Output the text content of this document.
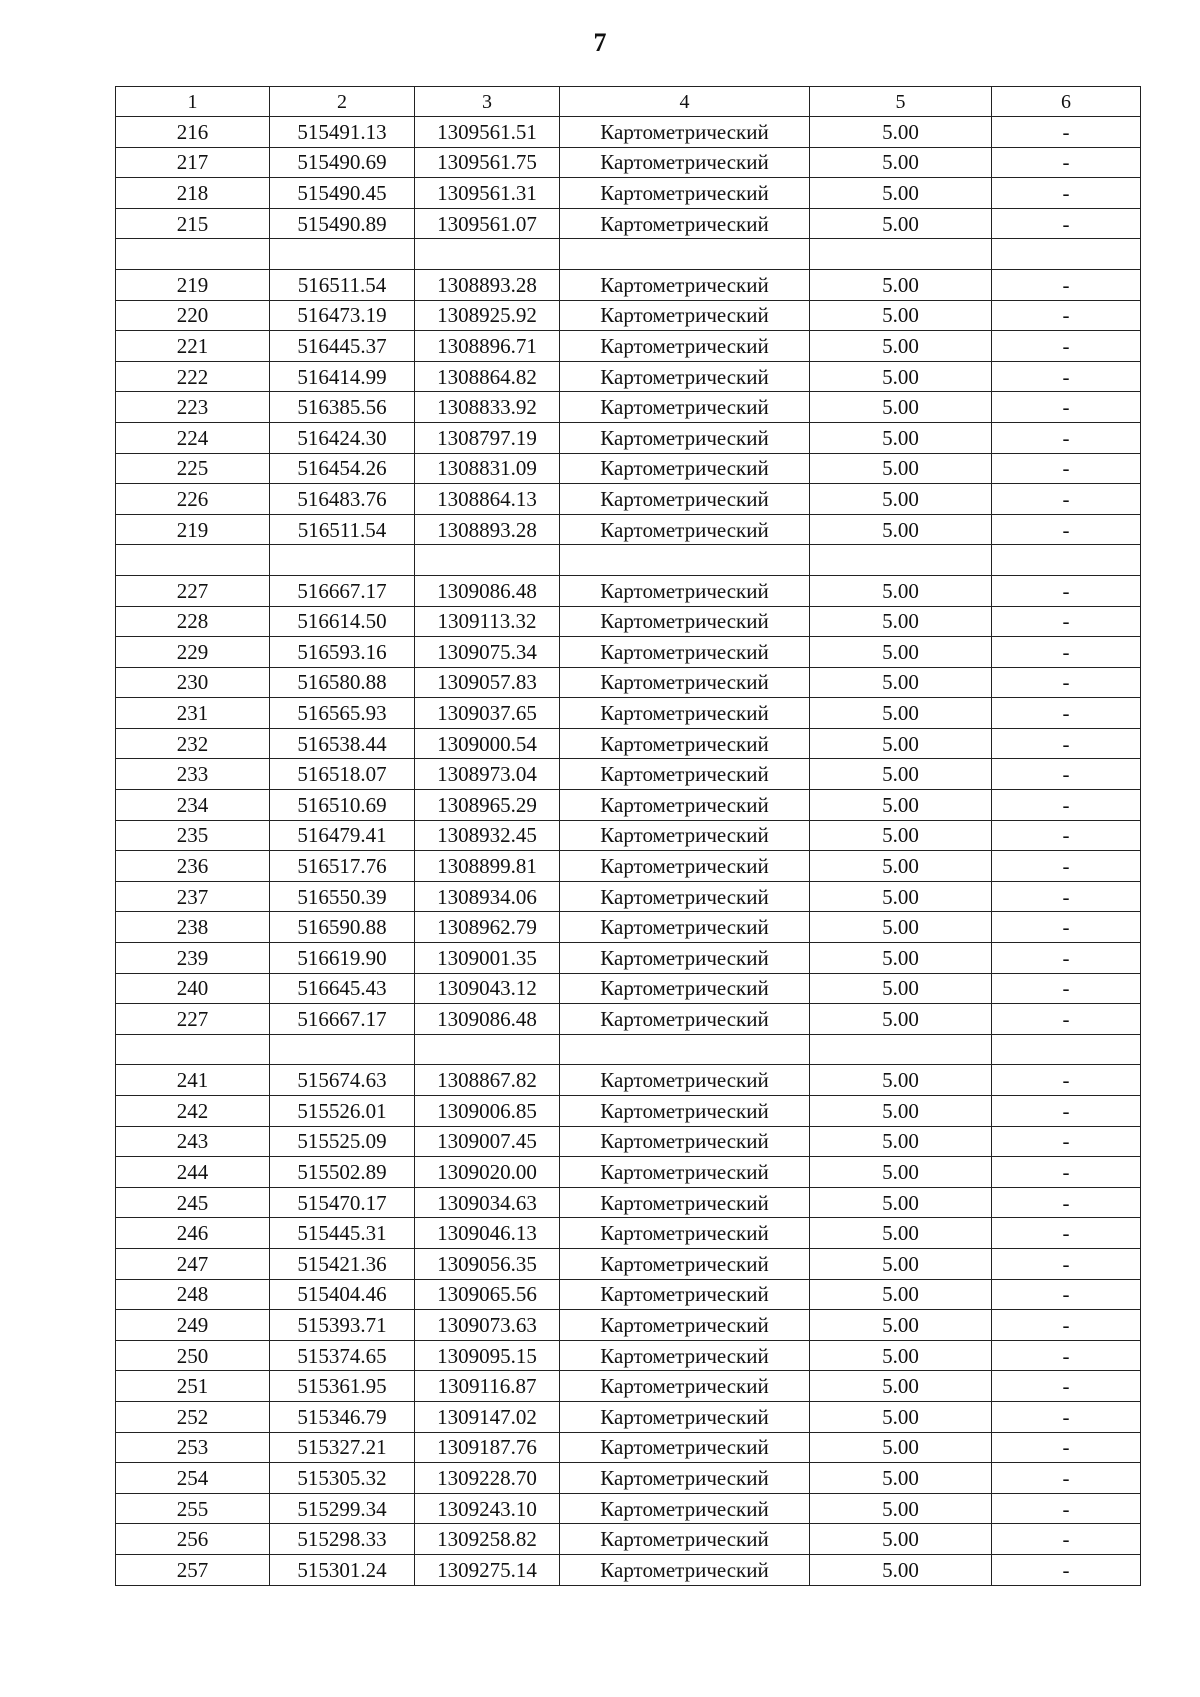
7
1	2	3	4	5	6
216	515491.13	1309561.51	Картометрический	5.00	-
217	515490.69	1309561.75	Картометрический	5.00	-
218	515490.45	1309561.31	Картометрический	5.00	-
215	515490.89	1309561.07	Картометрический	5.00	-

219	516511.54	1308893.28	Картометрический	5.00	-
220	516473.19	1308925.92	Картометрический	5.00	-
221	516445.37	1308896.71	Картометрический	5.00	-
222	516414.99	1308864.82	Картометрический	5.00	-
223	516385.56	1308833.92	Картометрический	5.00	-
224	516424.30	1308797.19	Картометрический	5.00	-
225	516454.26	1308831.09	Картометрический	5.00	-
226	516483.76	1308864.13	Картометрический	5.00	-
219	516511.54	1308893.28	Картометрический	5.00	-

227	516667.17	1309086.48	Картометрический	5.00	-
228	516614.50	1309113.32	Картометрический	5.00	-
229	516593.16	1309075.34	Картометрический	5.00	-
230	516580.88	1309057.83	Картометрический	5.00	-
231	516565.93	1309037.65	Картометрический	5.00	-
232	516538.44	1309000.54	Картометрический	5.00	-
233	516518.07	1308973.04	Картометрический	5.00	-
234	516510.69	1308965.29	Картометрический	5.00	-
235	516479.41	1308932.45	Картометрический	5.00	-
236	516517.76	1308899.81	Картометрический	5.00	-
237	516550.39	1308934.06	Картометрический	5.00	-
238	516590.88	1308962.79	Картометрический	5.00	-
239	516619.90	1309001.35	Картометрический	5.00	-
240	516645.43	1309043.12	Картометрический	5.00	-
227	516667.17	1309086.48	Картометрический	5.00	-

241	515674.63	1308867.82	Картометрический	5.00	-
242	515526.01	1309006.85	Картометрический	5.00	-
243	515525.09	1309007.45	Картометрический	5.00	-
244	515502.89	1309020.00	Картометрический	5.00	-
245	515470.17	1309034.63	Картометрический	5.00	-
246	515445.31	1309046.13	Картометрический	5.00	-
247	515421.36	1309056.35	Картометрический	5.00	-
248	515404.46	1309065.56	Картометрический	5.00	-
249	515393.71	1309073.63	Картометрический	5.00	-
250	515374.65	1309095.15	Картометрический	5.00	-
251	515361.95	1309116.87	Картометрический	5.00	-
252	515346.79	1309147.02	Картометрический	5.00	-
253	515327.21	1309187.76	Картометрический	5.00	-
254	515305.32	1309228.70	Картометрический	5.00	-
255	515299.34	1309243.10	Картометрический	5.00	-
256	515298.33	1309258.82	Картометрический	5.00	-
257	515301.24	1309275.14	Картометрический	5.00	-
